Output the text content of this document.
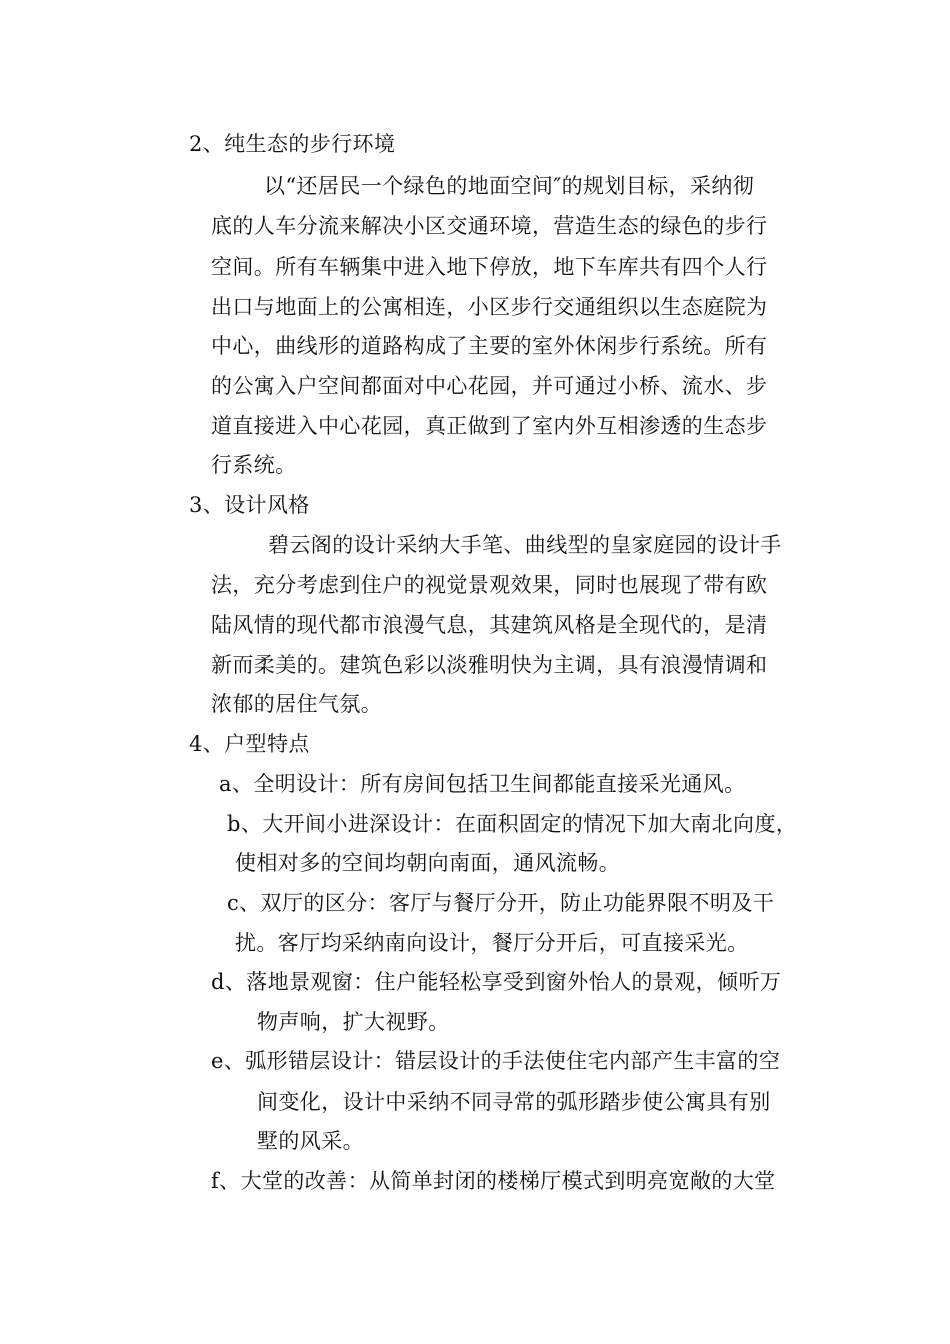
2、纯生态的步行环境
以“还居民一个绿色的地面空间″的规划目标，采纳彻
底的人车分流来解决小区交通环境，营造生态的绿色的步行
空间。所有车辆集中进入地下停放，地下车库共有四个人行
出口与地面上的公寓相连，小区步行交通组织以生态庭院为
中心，曲线形的道路构成了主要的室外休闲步行系统。所有
的公寓入户空间都面对中心花园，并可通过小桥、流水、步
道直接进入中心花园，真正做到了室内外互相渗透的生态步
行系统。
3、设计风格
碧云阁的设计采纳大手笔、曲线型的皇家庭园的设计手
法，充分考虑到住户的视觉景观效果，同时也展现了带有欧
陆风情的现代都市浪漫气息，其建筑风格是全现代的，是清
新而柔美的。建筑色彩以淡雅明快为主调，具有浪漫情调和
浓郁的居住气氛。
4、户型特点
a、全明设计：所有房间包括卫生间都能直接采光通风。
b、大开间小进深设计：在面积固定的情况下加大南北向度，
使相对多的空间均朝向南面，通风流畅。
c、双厅的区分：客厅与餐厅分开，防止功能界限不明及干
扰。客厅均采纳南向设计，餐厅分开后，可直接采光。
d、落地景观窗：住户能轻松享受到窗外怡人的景观，倾听万
物声响，扩大视野。
e、弧形错层设计：错层设计的手法使住宅内部产生丰富的空
间变化，设计中采纳不同寻常的弧形踏步使公寓具有别
墅的风采。
f、大堂的改善：从简单封闭的楼梯厅模式到明亮宽敞的大堂
